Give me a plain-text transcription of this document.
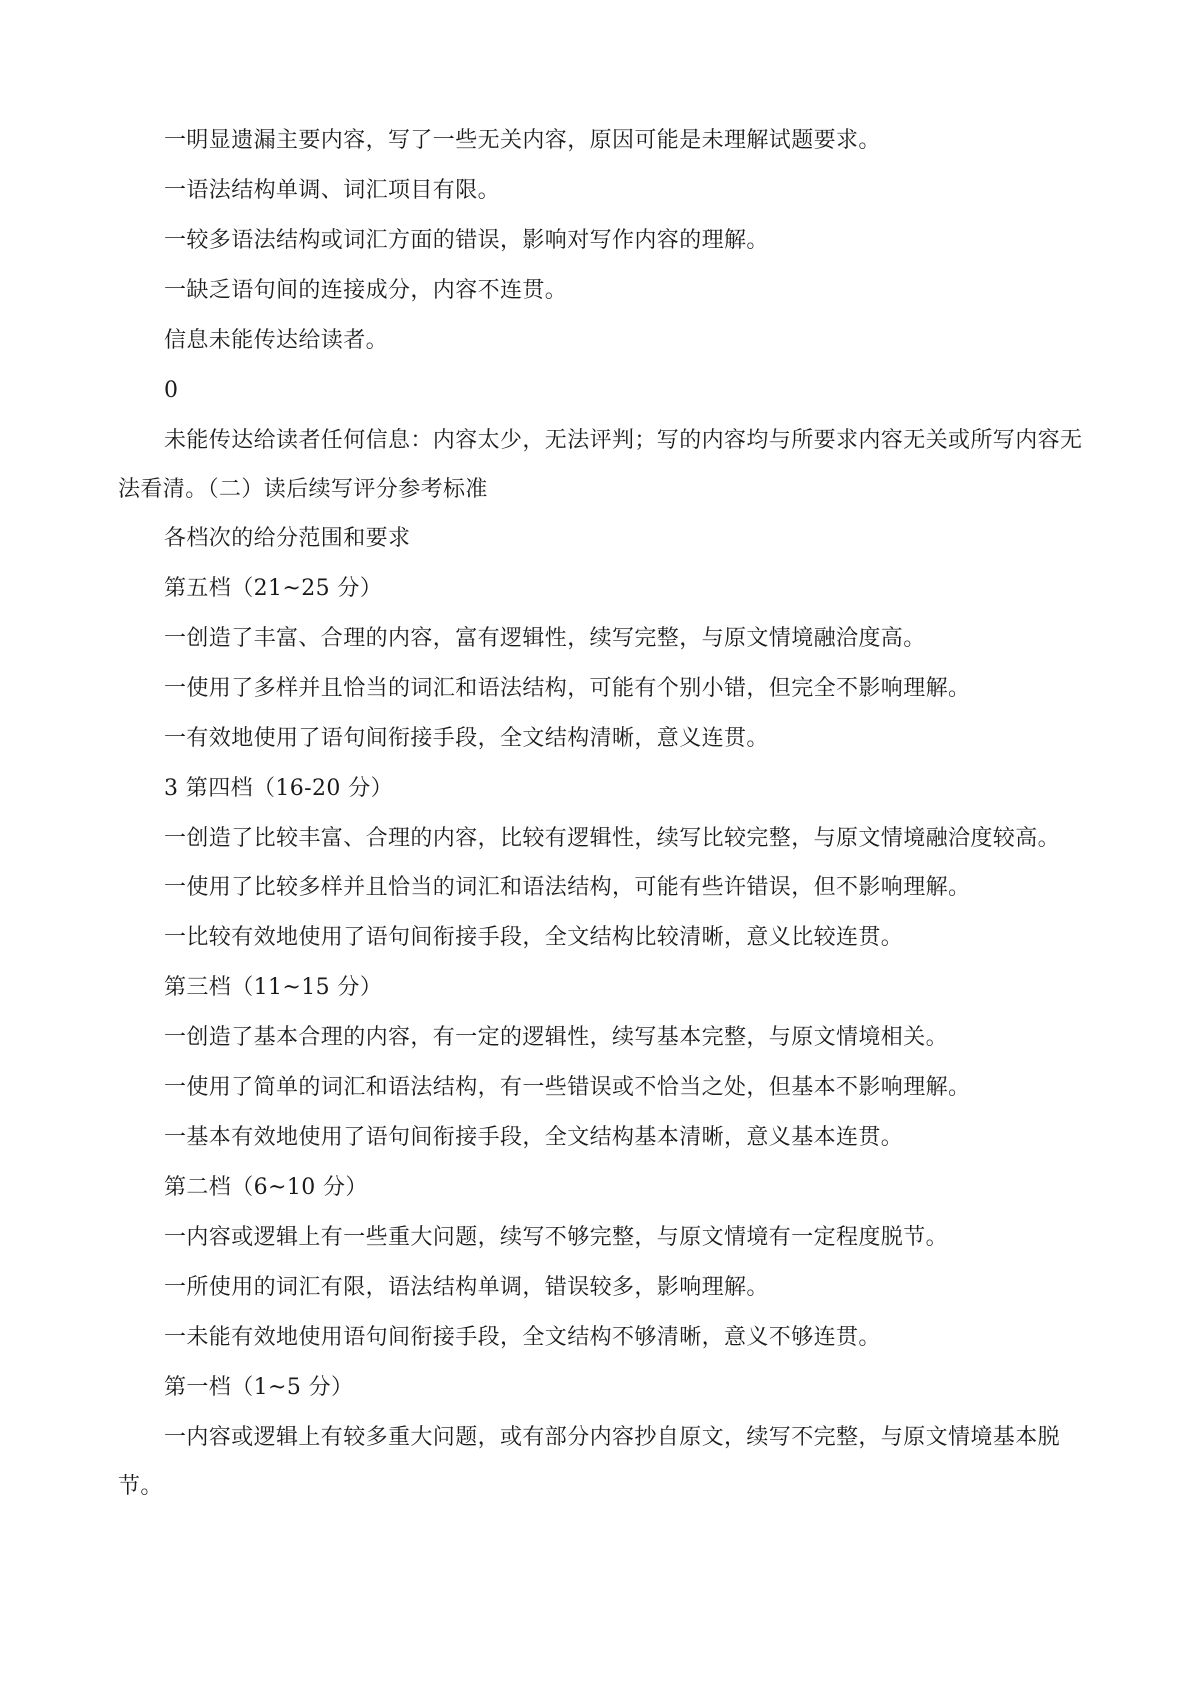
一明显遗漏主要内容，写了一些无关内容，原因可能是未理解试题要求。

一语法结构单调、词汇项目有限。

一较多语法结构或词汇方面的错误，影响对写作内容的理解。

一缺乏语句间的连接成分，内容不连贯。

信息未能传达给读者。

0

未能传达给读者任何信息：内容太少，无法评判；写的内容均与所要求内容无关或所写内容无法看清。（二）读后续写评分参考标准

各档次的给分范围和要求

第五档（21~25 分）

一创造了丰富、合理的内容，富有逻辑性，续写完整，与原文情境融洽度高。

一使用了多样并且恰当的词汇和语法结构，可能有个别小错，但完全不影响理解。

一有效地使用了语句间衔接手段，全文结构清晰，意义连贯。

3 第四档（16-20 分）

一创造了比较丰富、合理的内容，比较有逻辑性，续写比较完整，与原文情境融洽度较高。

一使用了比较多样并且恰当的词汇和语法结构，可能有些许错误，但不影响理解。

一比较有效地使用了语句间衔接手段，全文结构比较清晰，意义比较连贯。

第三档（11~15 分）

一创造了基本合理的内容，有一定的逻辑性，续写基本完整，与原文情境相关。

一使用了简单的词汇和语法结构，有一些错误或不恰当之处，但基本不影响理解。

一基本有效地使用了语句间衔接手段，全文结构基本清晰，意义基本连贯。

第二档（6~10 分）

一内容或逻辑上有一些重大问题，续写不够完整，与原文情境有一定程度脱节。

一所使用的词汇有限，语法结构单调，错误较多，影响理解。

一未能有效地使用语句间衔接手段，全文结构不够清晰，意义不够连贯。

第一档（1~5 分）

一内容或逻辑上有较多重大问题，或有部分内容抄自原文，续写不完整，与原文情境基本脱节。
